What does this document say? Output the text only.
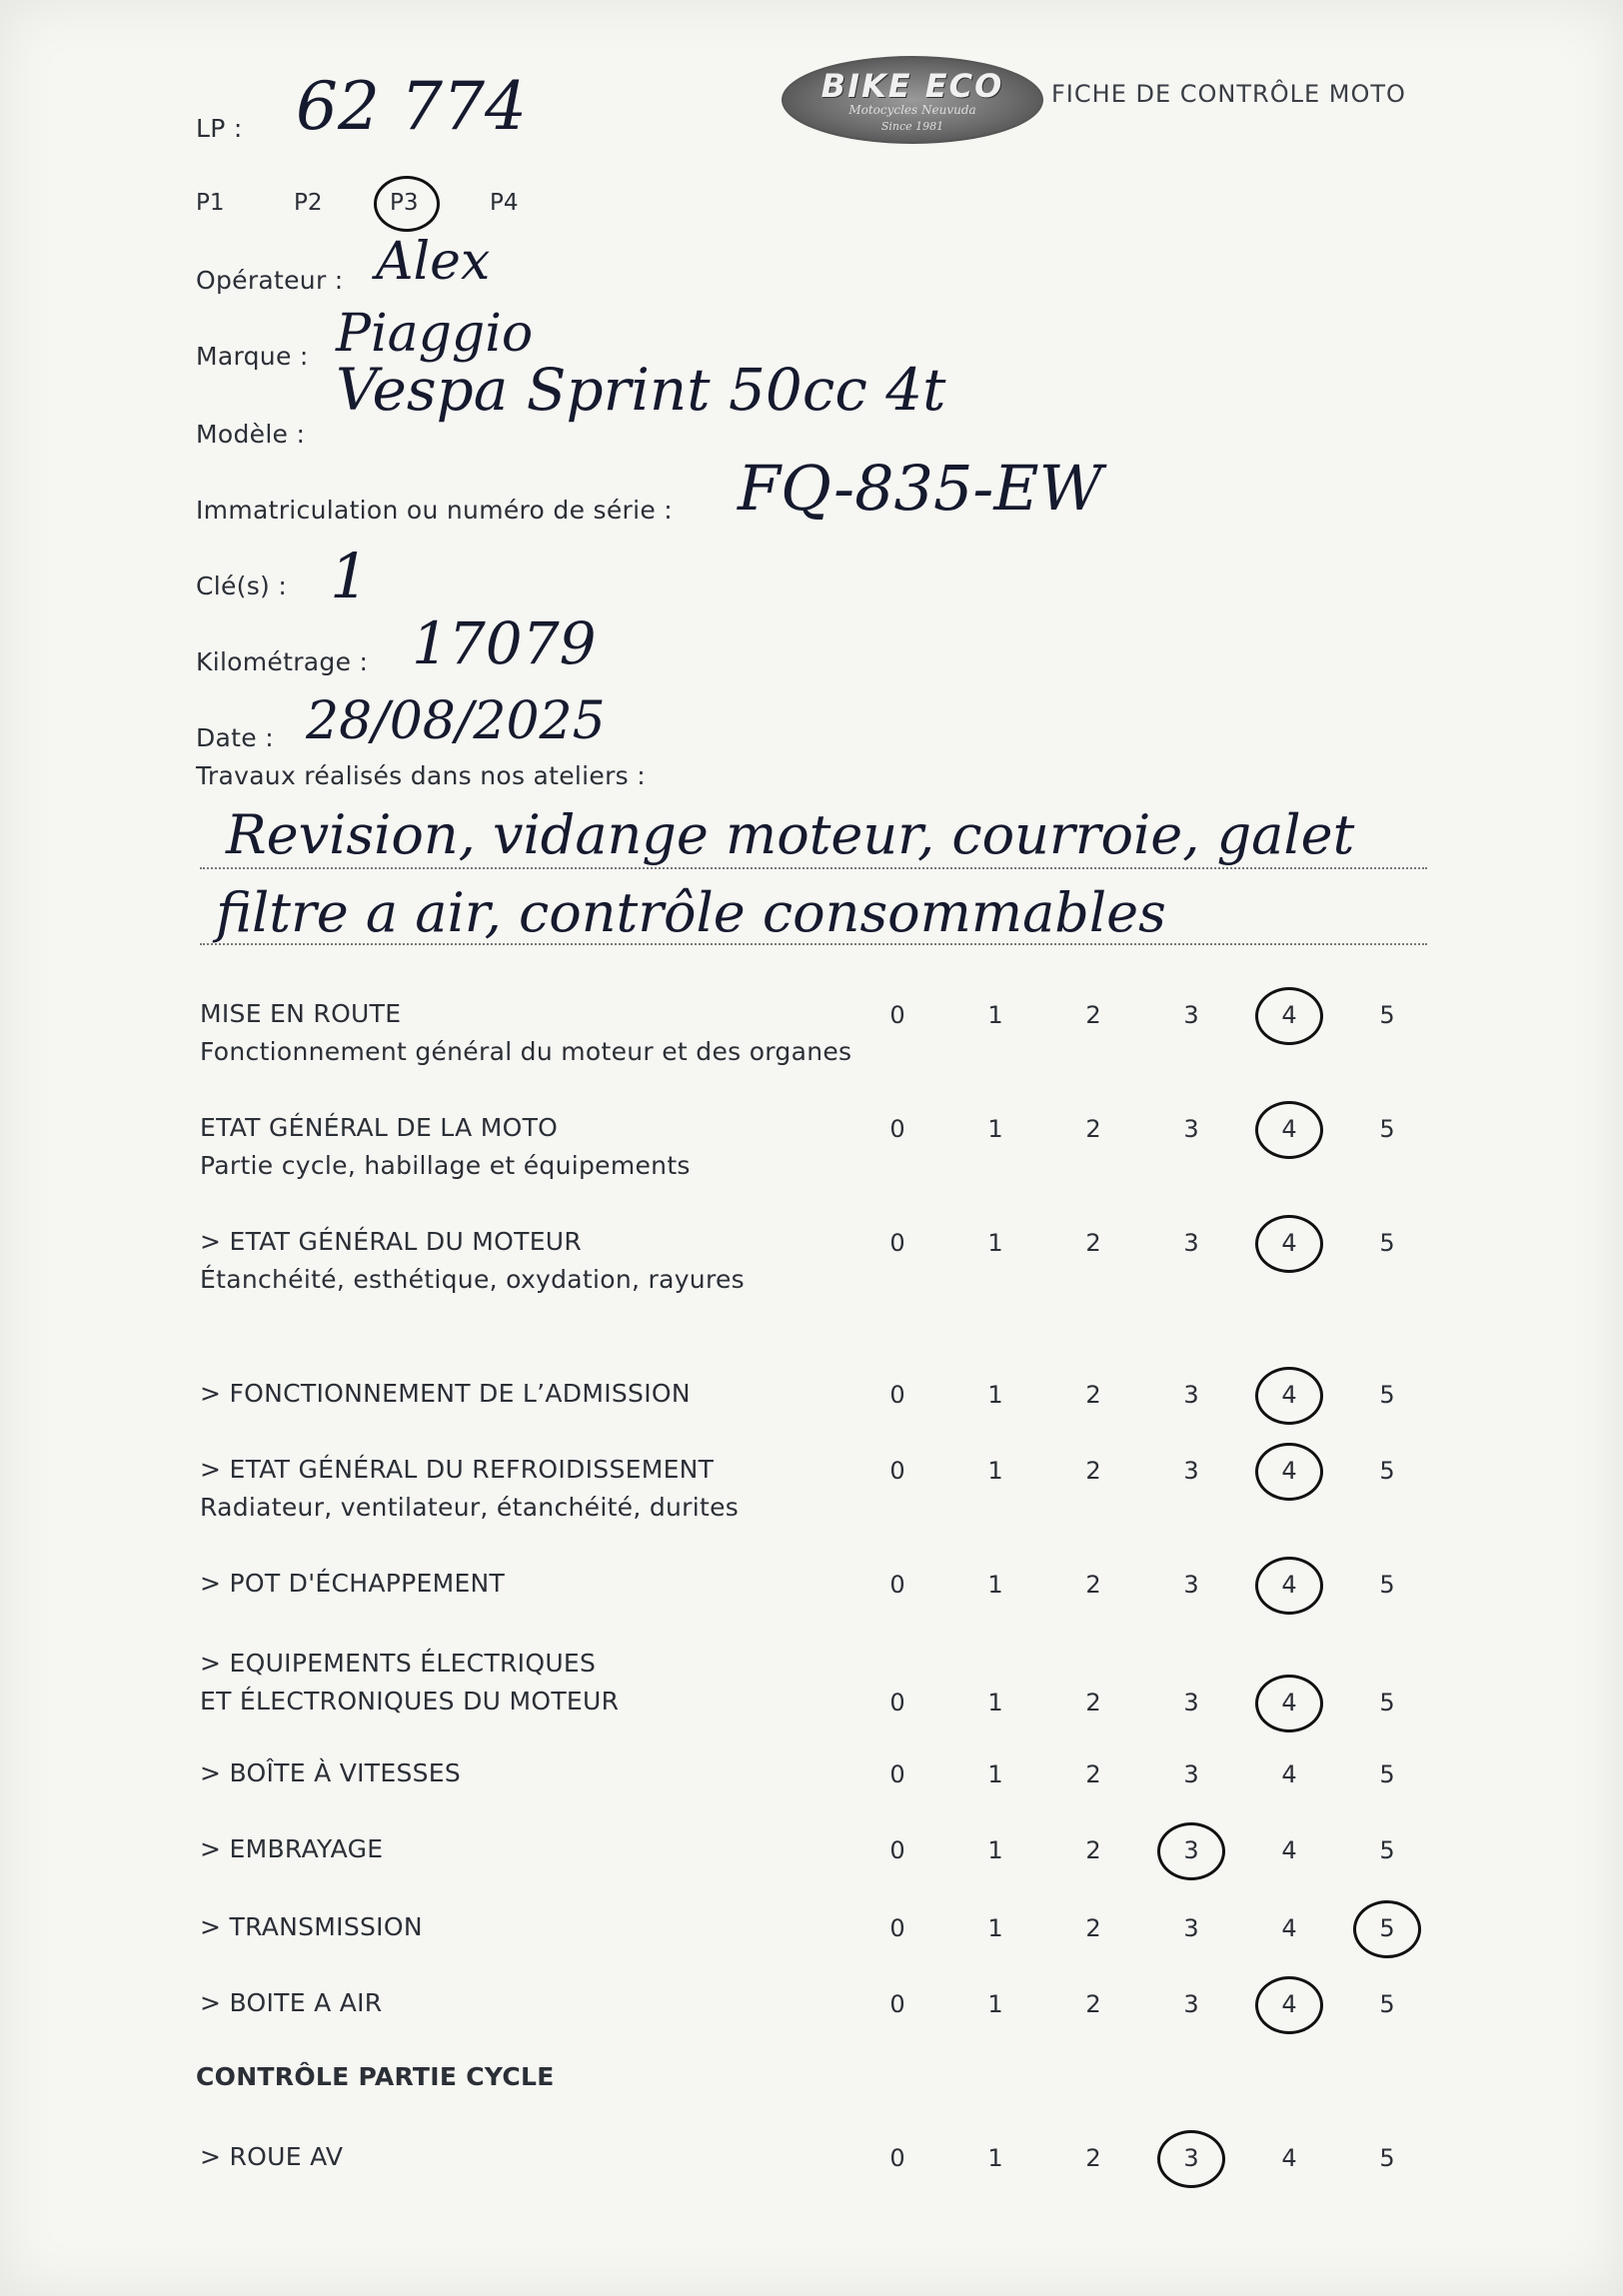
BIKE ECO
Motocycles Neuvuda
Since 1981
FICHE DE CONTRÔLE MOTO
LP : 62 774
P1	P2	P3	P4
Opérateur : Alex
Marque : Piaggio
Modèle :
Vespa Sprint 50cc 4t
Immatriculation ou numéro de série : FQ-835-EW
Clé(s) : 1
Kilométrage : 17079
Date : 28/08/2025
Travaux réalisés dans nos ateliers :
Revision, vidange moteur, courroie, galet
filtre a air, contrôle consommables
MISE EN ROUTE
Fonctionnement général du moteur et des organes
0	1	2	3	4	5
ETAT GÉNÉRAL DE LA MOTO
Partie cycle, habillage et équipements
0	1	2	3	4	5
> ETAT GÉNÉRAL DU MOTEUR
Étanchéité, esthétique, oxydation, rayures
0	1	2	3	4	5
> FONCTIONNEMENT DE L’ADMISSION	0	1	2	3	4	5
> ETAT GÉNÉRAL DU REFROIDISSEMENT
Radiateur, ventilateur, étanchéité, durites
0	1	2	3	4	5
> POT D'ÉCHAPPEMENT	0	1	2	3	4	5
> EQUIPEMENTS ÉLECTRIQUES
ET ÉLECTRONIQUES DU MOTEUR	0	1	2	3	4	5
> BOÎTE À VITESSES	0	1	2	3	4	5
> EMBRAYAGE	0	1	2	3	4	5
> TRANSMISSION	0	1	2	3	4	5
> BOITE A AIR	0	1	2	3	4	5
CONTRÔLE PARTIE CYCLE
> ROUE AV	0	1	2	3	4	5
